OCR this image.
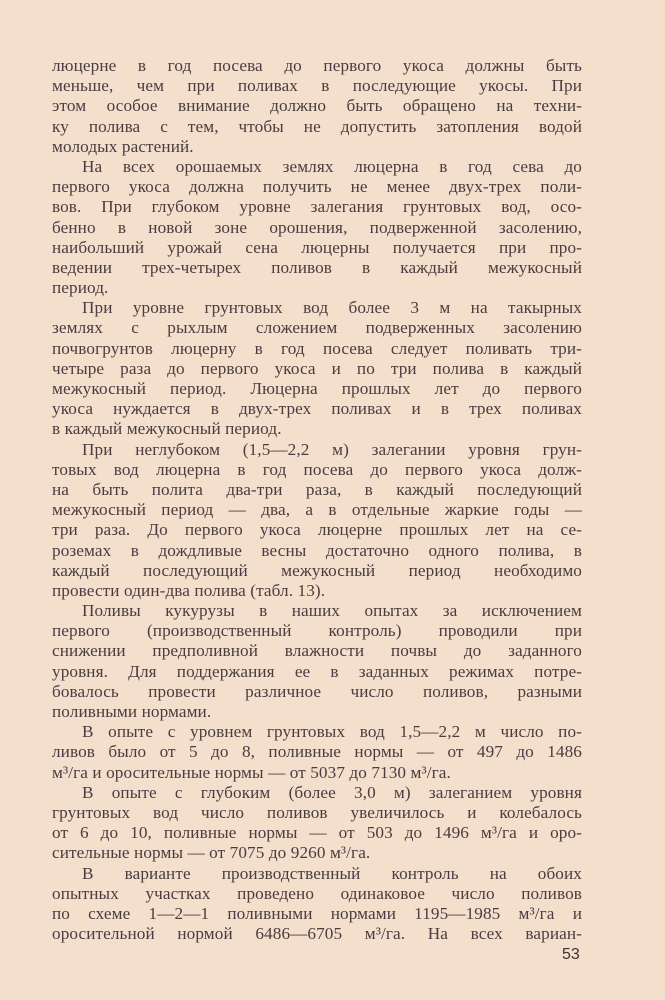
люцерне в год посева до первого укоса должны быть
меньше, чем при поливах в последующие укосы. При
этом особое внимание должно быть обращено на техни-
ку полива с тем, чтобы не допустить затопления водой
молодых растений.
На всех орошаемых землях люцерна в год сева до
первого укоса должна получить не менее двух-трех поли-
вов. При глубоком уровне залегания грунтовых вод, осо-
бенно в новой зоне орошения, подверженной засолению,
наибольший урожай сена люцерны получается при про-
ведении трех-четырех поливов в каждый межукосный
период.
При уровне грунтовых вод более 3 м на такырных
землях с рыхлым сложением подверженных засолению
почвогрунтов люцерну в год посева следует поливать три-
четыре раза до первого укоса и по три полива в каждый
межукосный период. Люцерна прошлых лет до первого
укоса нуждается в двух-трех поливах и в трех поливах
в каждый межукосный период.
При неглубоком (1,5—2,2 м) залегании уровня грун-
товых вод люцерна в год посева до первого укоса долж-
на быть полита два-три раза, в каждый последующий
межукосный период — два, а в отдельные жаркие годы —
три раза. До первого укоса люцерне прошлых лет на се-
роземах в дождливые весны достаточно одного полива, в
каждый последующий межукосный период необходимо
провести один-два полива (табл. 13).
Поливы кукурузы в наших опытах за исключением
первого (производственный контроль) проводили при
снижении предполивной влажности почвы до заданного
уровня. Для поддержания ее в заданных режимах потре-
бовалось провести различное число поливов, разными
поливными нормами.
В опыте с уровнем грунтовых вод 1,5—2,2 м число по-
ливов было от 5 до 8, поливные нормы — от 497 до 1486
м³/га и оросительные нормы — от 5037 до 7130 м³/га.
В опыте с глубоким (более 3,0 м) залеганием уровня
грунтовых вод число поливов увеличилось и колебалось
от 6 до 10, поливные нормы — от 503 до 1496 м³/га и оро-
сительные нормы — от 7075 до 9260 м³/га.
В варианте производственный контроль на обоих
опытных участках проведено одинаковое число поливов
по схеме 1—2—1 поливными нормами 1195—1985 м³/га и
оросительной нормой 6486—6705 м³/га. На всех вариан-
53
